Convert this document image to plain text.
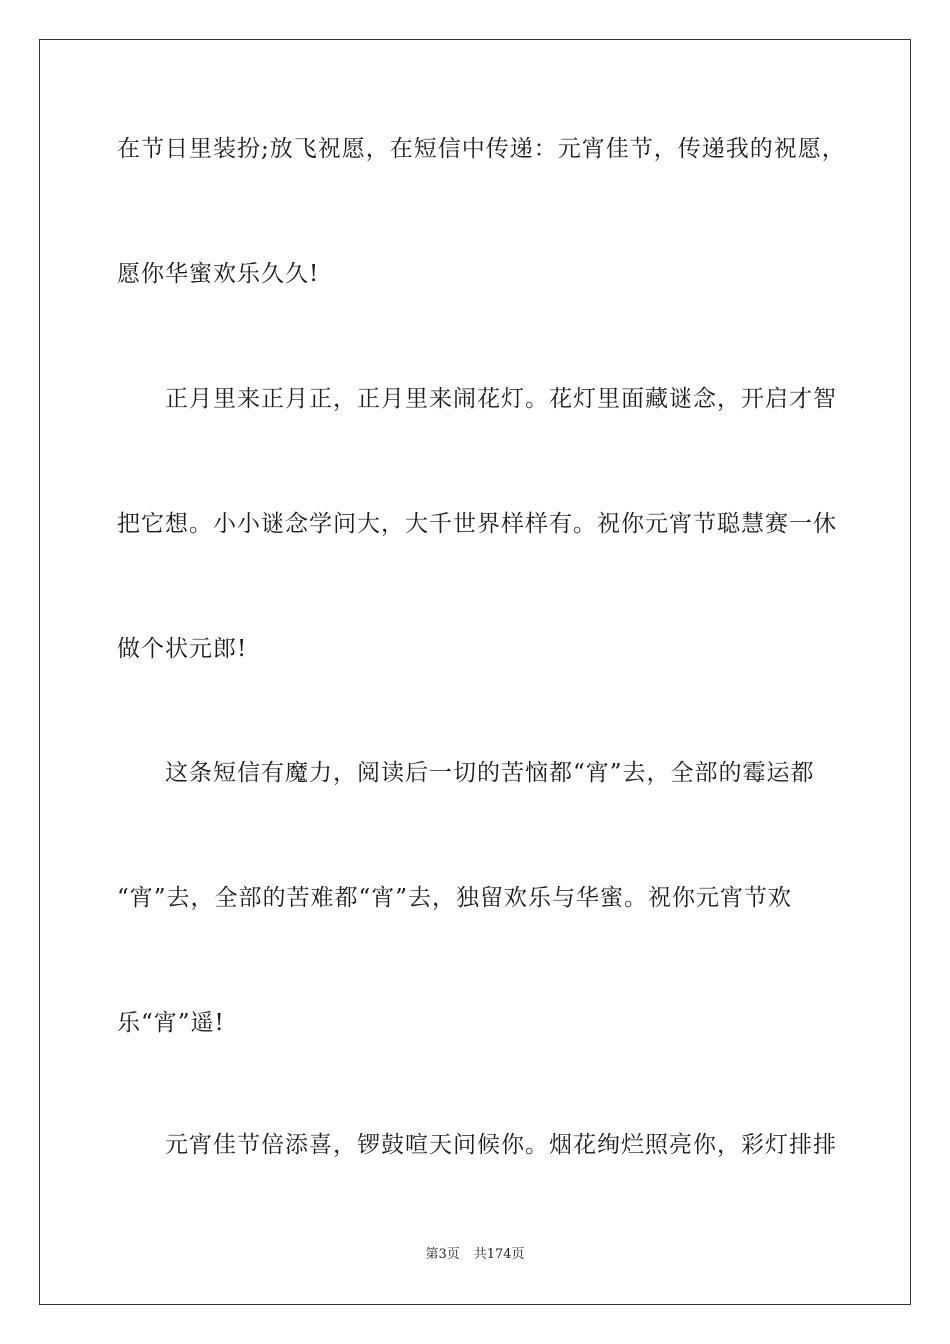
在节日里装扮;放飞祝愿，在短信中传递：元宵佳节，传递我的祝愿，
愿你华蜜欢乐久久!
正月里来正月正，正月里来闹花灯。花灯里面藏谜念，开启才智
把它想。小小谜念学问大，大千世界样样有。祝你元宵节聪慧赛一休
做个状元郎!
这条短信有魔力，阅读后一切的苦恼都“宵”去，全部的霉运都
“宵”去，全部的苦难都“宵”去，独留欢乐与华蜜。祝你元宵节欢
乐“宵”遥!
元宵佳节倍添喜，锣鼓喧天问候你。烟花绚烂照亮你，彩灯排排
第3页 共174页
